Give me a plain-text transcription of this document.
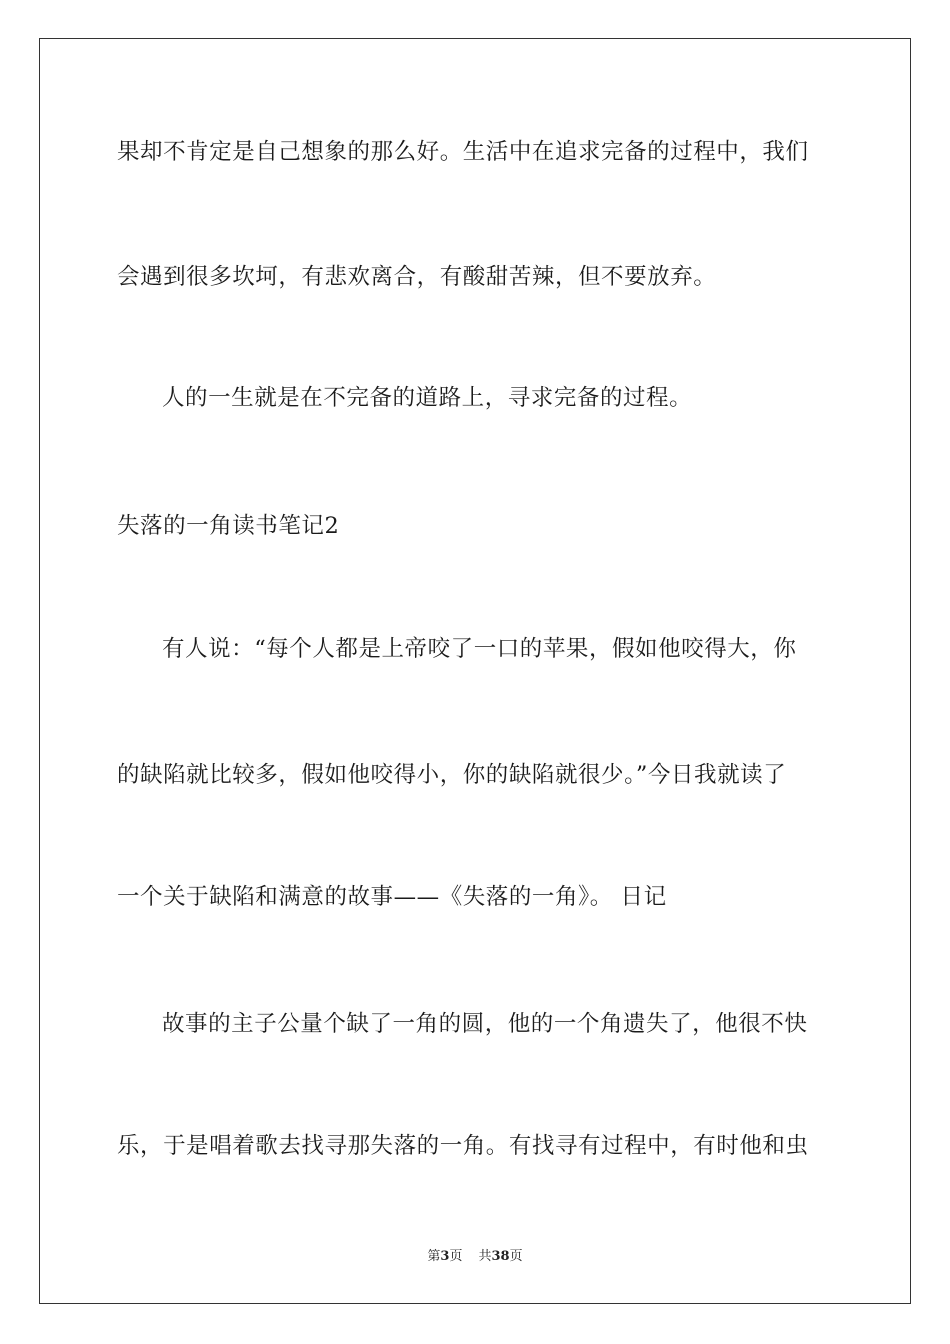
果却不肯定是自己想象的那么好。生活中在追求完备的过程中，我们
会遇到很多坎坷，有悲欢离合，有酸甜苦辣，但不要放弃。
人的一生就是在不完备的道路上，寻求完备的过程。
失落的一角读书笔记2
有人说：“每个人都是上帝咬了一口的苹果，假如他咬得大，你
的缺陷就比较多，假如他咬得小，你的缺陷就很少。”今日我就读了
一个关于缺陷和满意的故事——《失落的一角》。 日记
故事的主子公量个缺了一角的圆，他的一个角遗失了，他很不快
乐，于是唱着歌去找寻那失落的一角。有找寻有过程中，有时他和虫
第3页 共38页
